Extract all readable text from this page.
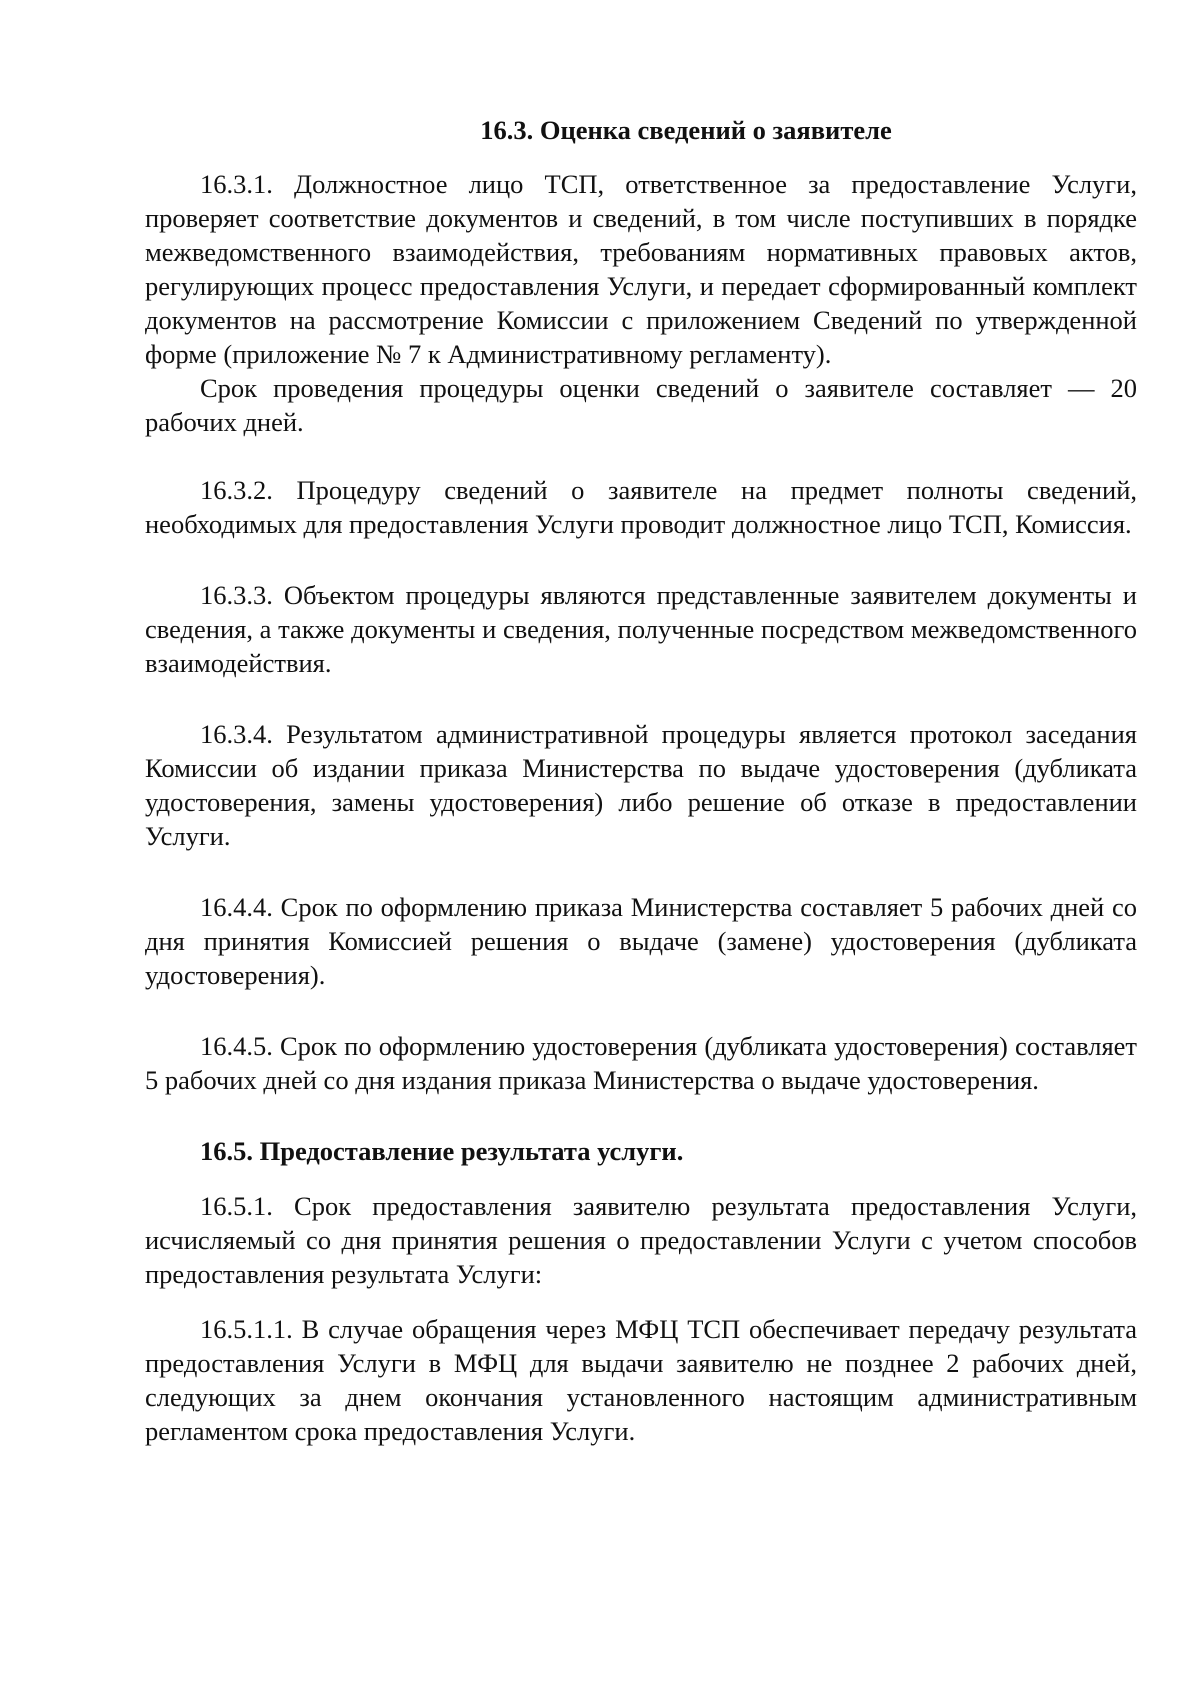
16.3. Оценка сведений о заявителе

16.3.1. Должностное лицо ТСП, ответственное за предоставление Услуги, проверяет соответствие документов и сведений, в том числе поступивших в порядке межведомственного взаимодействия, требованиям нормативных правовых актов, регулирующих процесс предоставления Услуги, и передает сформированный комплект документов на рассмотрение Комиссии с приложением Сведений по утвержденной форме (приложение № 7 к Административному регламенту).

Срок проведения процедуры оценки сведений о заявителе составляет — 20 рабочих дней.

16.3.2. Процедуру сведений о заявителе на предмет полноты сведений, необходимых для предоставления Услуги проводит должностное лицо ТСП, Комиссия.

16.3.3. Объектом процедуры являются представленные заявителем документы и сведения, а также документы и сведения, полученные посредством межведомственного взаимодействия.

16.3.4. Результатом административной процедуры является протокол заседания Комиссии об издании приказа Министерства по выдаче удостоверения (дубликата удостоверения, замены удостоверения) либо решение об отказе в предоставлении Услуги.

16.4.4. Срок по оформлению приказа Министерства составляет 5 рабочих дней со дня принятия Комиссией решения о выдаче (замене) удостоверения (дубликата удостоверения).

16.4.5. Срок по оформлению удостоверения (дубликата удостоверения) составляет 5 рабочих дней со дня издания приказа Министерства о выдаче удостоверения.

16.5. Предоставление результата услуги.

16.5.1. Срок предоставления заявителю результата предоставления Услуги, исчисляемый со дня принятия решения о предоставлении Услуги с учетом способов предоставления результата Услуги:

16.5.1.1. В случае обращения через МФЦ ТСП обеспечивает передачу результата предоставления Услуги в МФЦ для выдачи заявителю не позднее 2 рабочих дней, следующих за днем окончания установленного настоящим административным регламентом срока предоставления Услуги.
